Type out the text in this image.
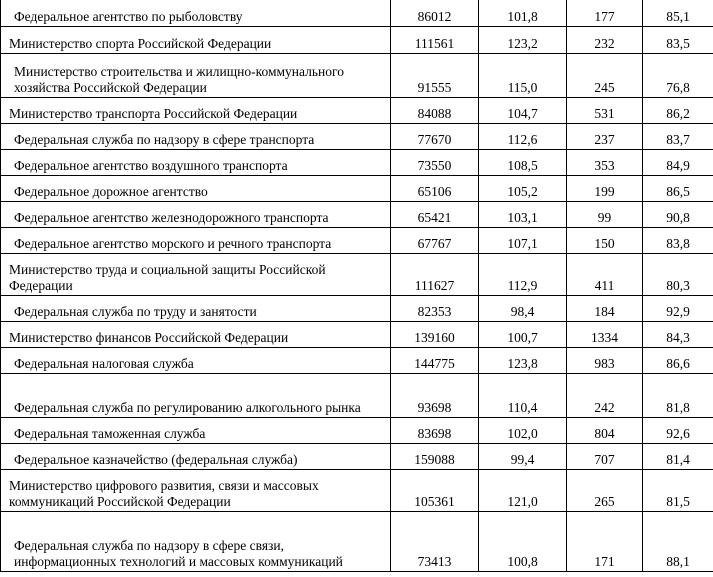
Федеральное агентство по рыболовству	86012	101,8	177	85,1
Министерство спорта Российской Федерации	111561	123,2	232	83,5
Министерство строительства и жилищно-коммунального хозяйства Российской Федерации	91555	115,0	245	76,8
Министерство транспорта Российской Федерации	84088	104,7	531	86,2
Федеральная служба по надзору в сфере транспорта	77670	112,6	237	83,7
Федеральное агентство воздушного транспорта	73550	108,5	353	84,9
Федеральное дорожное агентство	65106	105,2	199	86,5
Федеральное агентство железнодорожного транспорта	65421	103,1	99	90,8
Федеральное агентство морского и речного транспорта	67767	107,1	150	83,8
Министерство труда и социальной защиты Российской Федерации	111627	112,9	411	80,3
Федеральная служба по труду и занятости	82353	98,4	184	92,9
Министерство финансов Российской Федерации	139160	100,7	1334	84,3
Федеральная налоговая служба	144775	123,8	983	86,6
Федеральная служба по регулированию алкогольного рынка	93698	110,4	242	81,8
Федеральная таможенная служба	83698	102,0	804	92,6
Федеральное казначейство (федеральная служба)	159088	99,4	707	81,4
Министерство цифрового развития, связи и массовых коммуникаций Российской Федерации	105361	121,0	265	81,5
Федеральная служба по надзору в сфере связи, информационных технологий и массовых коммуникаций	73413	100,8	171	88,1
